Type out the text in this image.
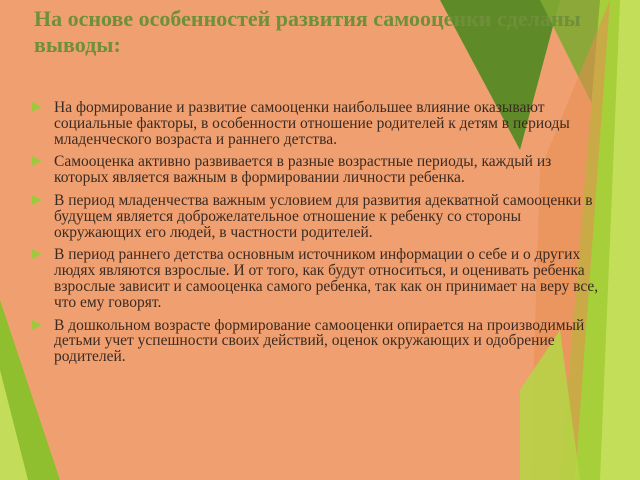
На основе особенностей развития самооценки сделаны выводы:
На формирование и развитие самооценки наибольшее влияние оказывают социальные факторы, в особенности отношение родителей к детям в периоды младенческого возраста и раннего детства.
Самооценка активно развивается в разные возрастные периоды, каждый из которых является важным в формировании личности ребенка.
В период младенчества важным условием для развития адекватной самооценки в будущем является доброжелательное отношение к ребенку со стороны окружающих его людей, в частности родителей.
В период раннего детства основным источником информации о себе и о других людях являются взрослые. И от того, как будут относиться, и оценивать ребенка взрослые зависит и самооценка самого ребенка, так как он принимает на веру все, что ему говорят.
В дошкольном возрасте формирование самооценки опирается на производимый детьми учет успешности своих действий, оценок окружающих и одобрение родителей.
